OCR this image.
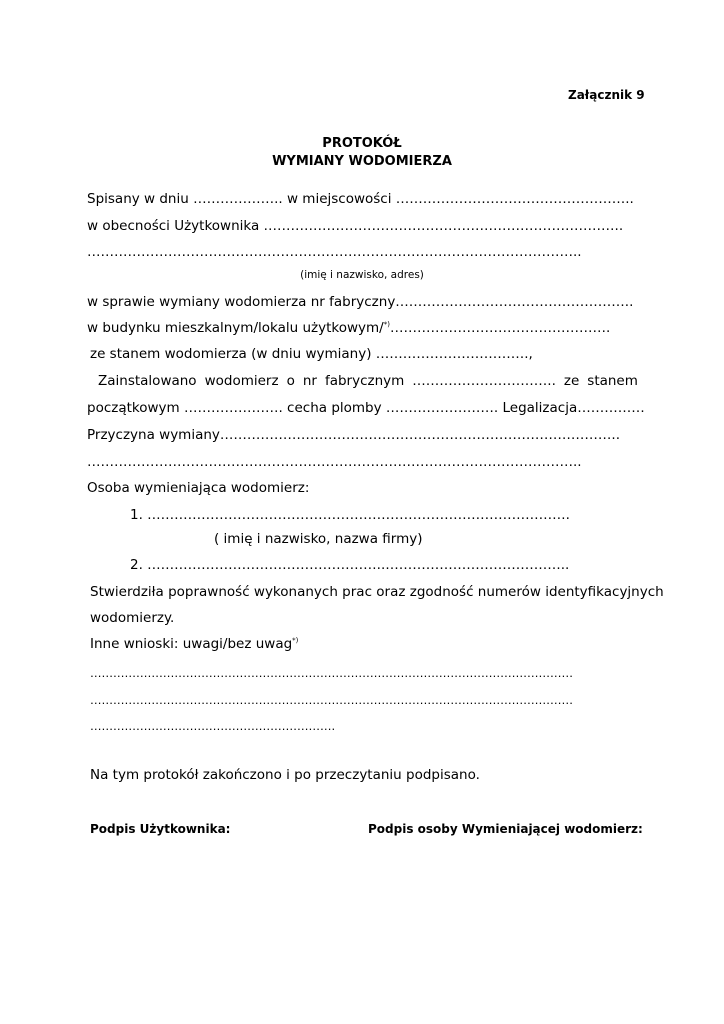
Załącznik 9
PROTOKÓŁ
WYMIANY WODOMIERZA
Spisany w dniu ……………….. w miejscowości ……………………………………………..
w obecności Użytkownika ……………………………………………………………………..
………………………………………………………………………………………………..
(imię i nazwisko, adres)
w sprawie wymiany wodomierza nr fabryczny……………………………………………..
w budynku mieszkalnym/lokalu użytkowym/*)………………………………………….
ze stanem wodomierza (w dniu wymiany) …………………………….,
Zainstalowano wodomierz o nr fabrycznym ………………………….. ze stanem
początkowym …………………. cecha plomby ……………………. Legalizacja……………
Przyczyna wymiany……………………………………………………………………………..
………………………………………………………………………………………………..
Osoba wymieniająca wodomierz:
1. ………………………………………………………………………………….
( imię i nazwisko, nazwa firmy)
2. ……………………………………………..…………………………………..
Stwierdziła poprawność wykonanych prac oraz zgodność numerów identyfikacyjnych
wodomierzy.
Inne wnioski: uwagi/bez uwag*)
………………………………………………………………………………………………………………
………………………………………………………………………………………………………………
……………………………………………………….
Na tym protokół zakończono i po przeczytaniu podpisano.
Podpis Użytkownika:	Podpis osoby Wymieniającej wodomierz:
